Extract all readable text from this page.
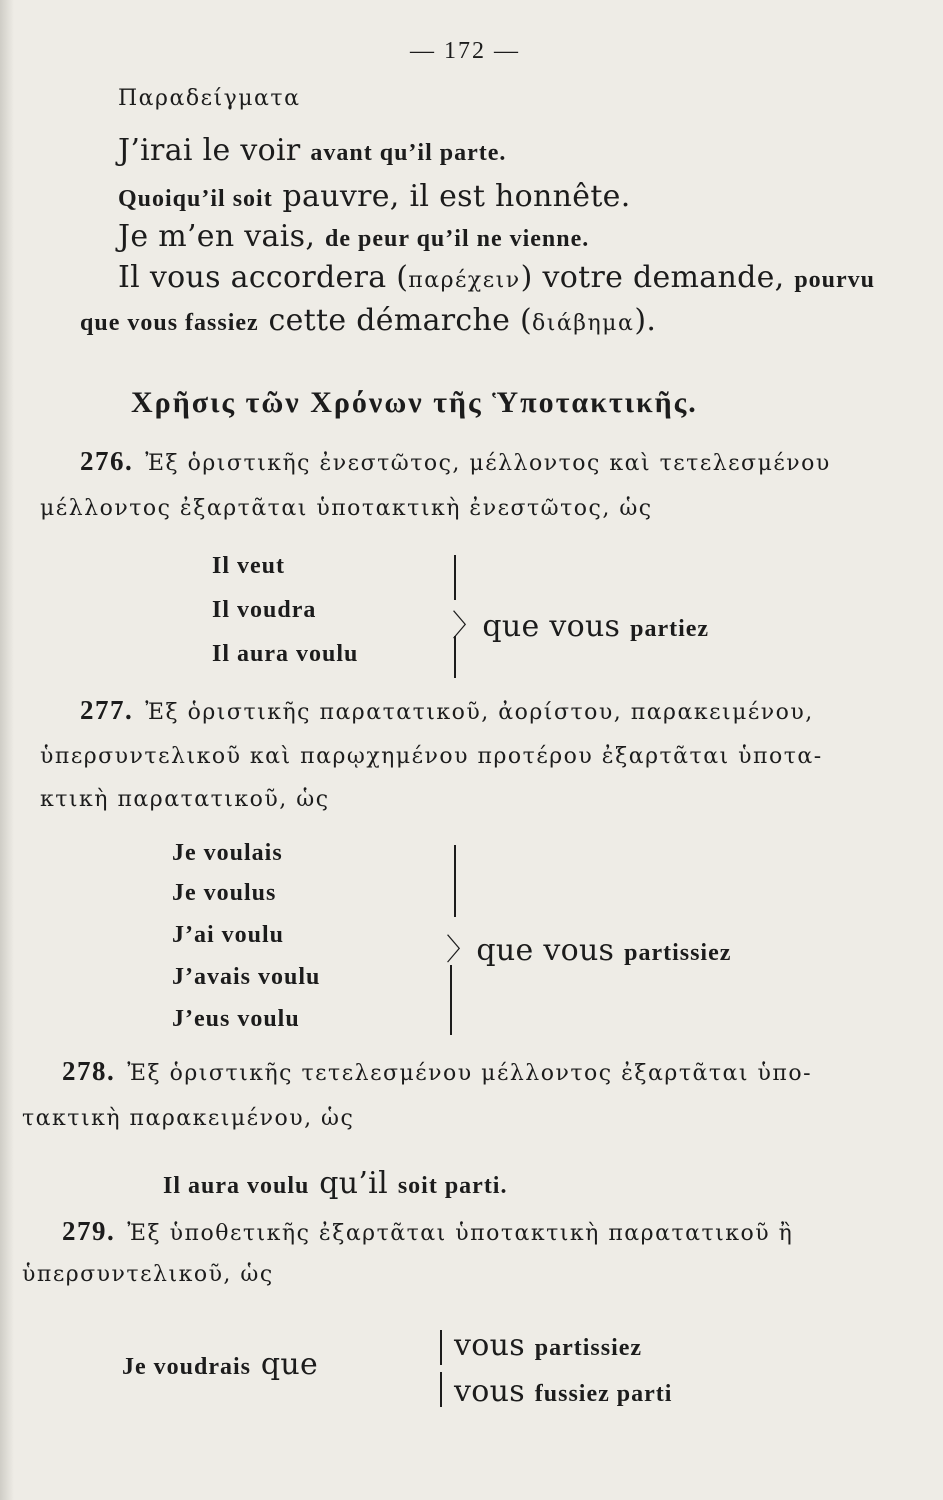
— 172 —
Παραδείγματα
J’irai le voir avant qu’il parte.
Quoiqu’il soit pauvre, il est honnête.
Je m’en vais, de peur qu’il ne vienne.
Il vous accordera (παρέχειν) votre demande, pourvu
que vous fassiez cette démarche (διάβημα).
Χρῆσις τῶν Χρόνων τῆς Ὑποτακτικῆς.
276. Ἐξ ὁριστικῆς ἐνεστῶτος, μέλλοντος καὶ τετελεσμένου
μέλλοντος ἐξαρτᾶται ὑποτακτικὴ ἐνεστῶτος, ὡς
Il veut
Il voudra
Il aura voulu
〉que vous partiez
277. Ἐξ ὁριστικῆς παρατατικοῦ, ἀορίστου, παρακειμένου,
ὑπερσυντελικοῦ καὶ παρῳχημένου προτέρου ἐξαρτᾶται ὑποτα-
κτικὴ παρατατικοῦ, ὡς
Je voulais
Je voulus
J’ai voulu
J’avais voulu
J’eus voulu
〉que vous partissiez
278. Ἐξ ὁριστικῆς τετελεσμένου μέλλοντος ἐξαρτᾶται ὑπο-
τακτικὴ παρακειμένου, ὡς
Il aura voulu qu’il soit parti.
279. Ἐξ ὑποθετικῆς ἐξαρτᾶται ὑποτακτικὴ παρατατικοῦ ἢ
ὑπερσυντελικοῦ, ὡς
Je voudrais que
vous partissiez
vous fussiez parti
